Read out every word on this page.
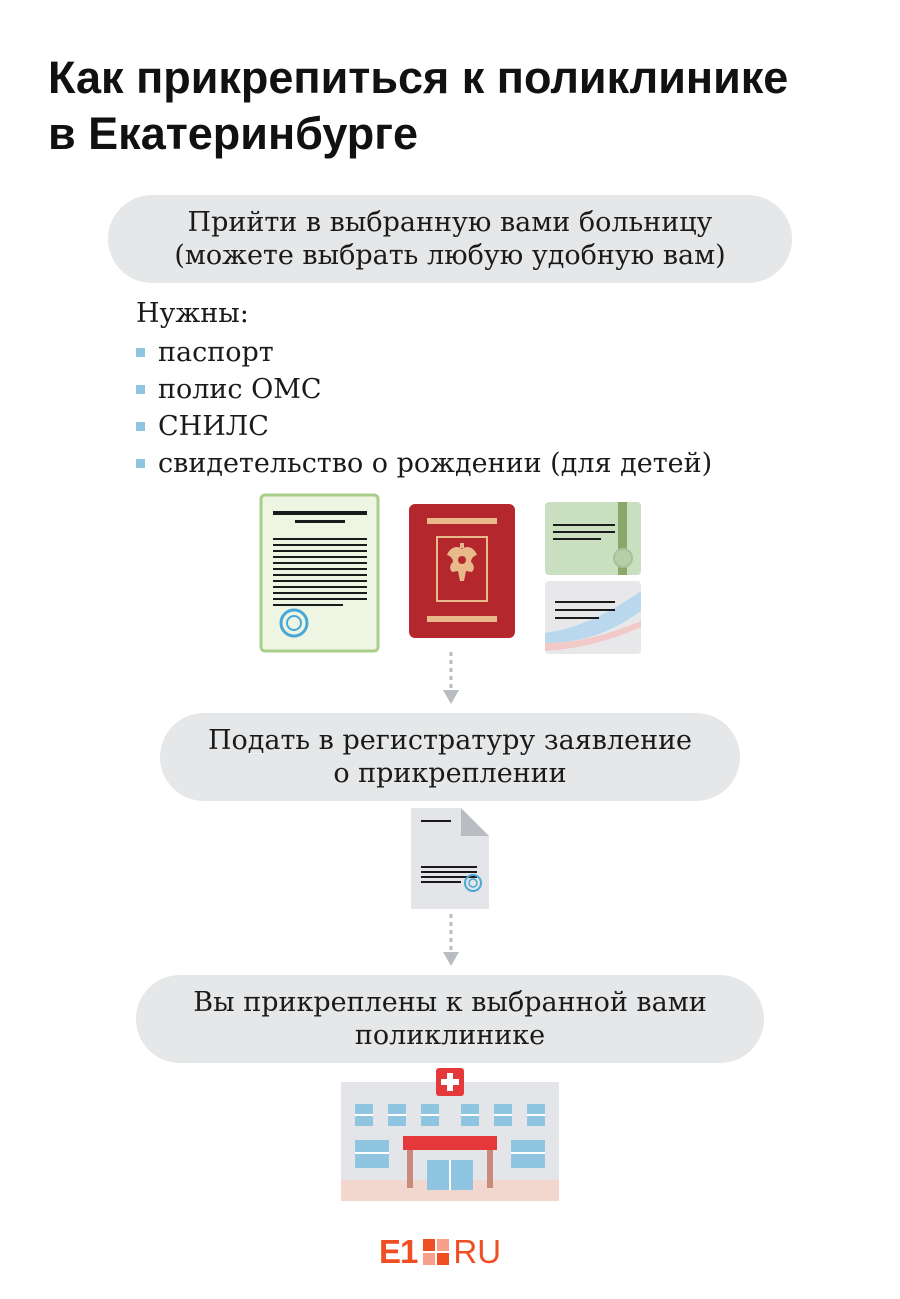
Как прикрепиться к поликлинике
в Екатеринбурге
Прийти в выбранную вами больницу
(можете выбрать любую удобную вам)
Нужны:
паспорт
полис ОМС
СНИЛС
свидетельство о рождении (для детей)
Подать в регистратуру заявление
о прикреплении
Вы прикреплены к выбранной вами
поликлинике
E1 RU
